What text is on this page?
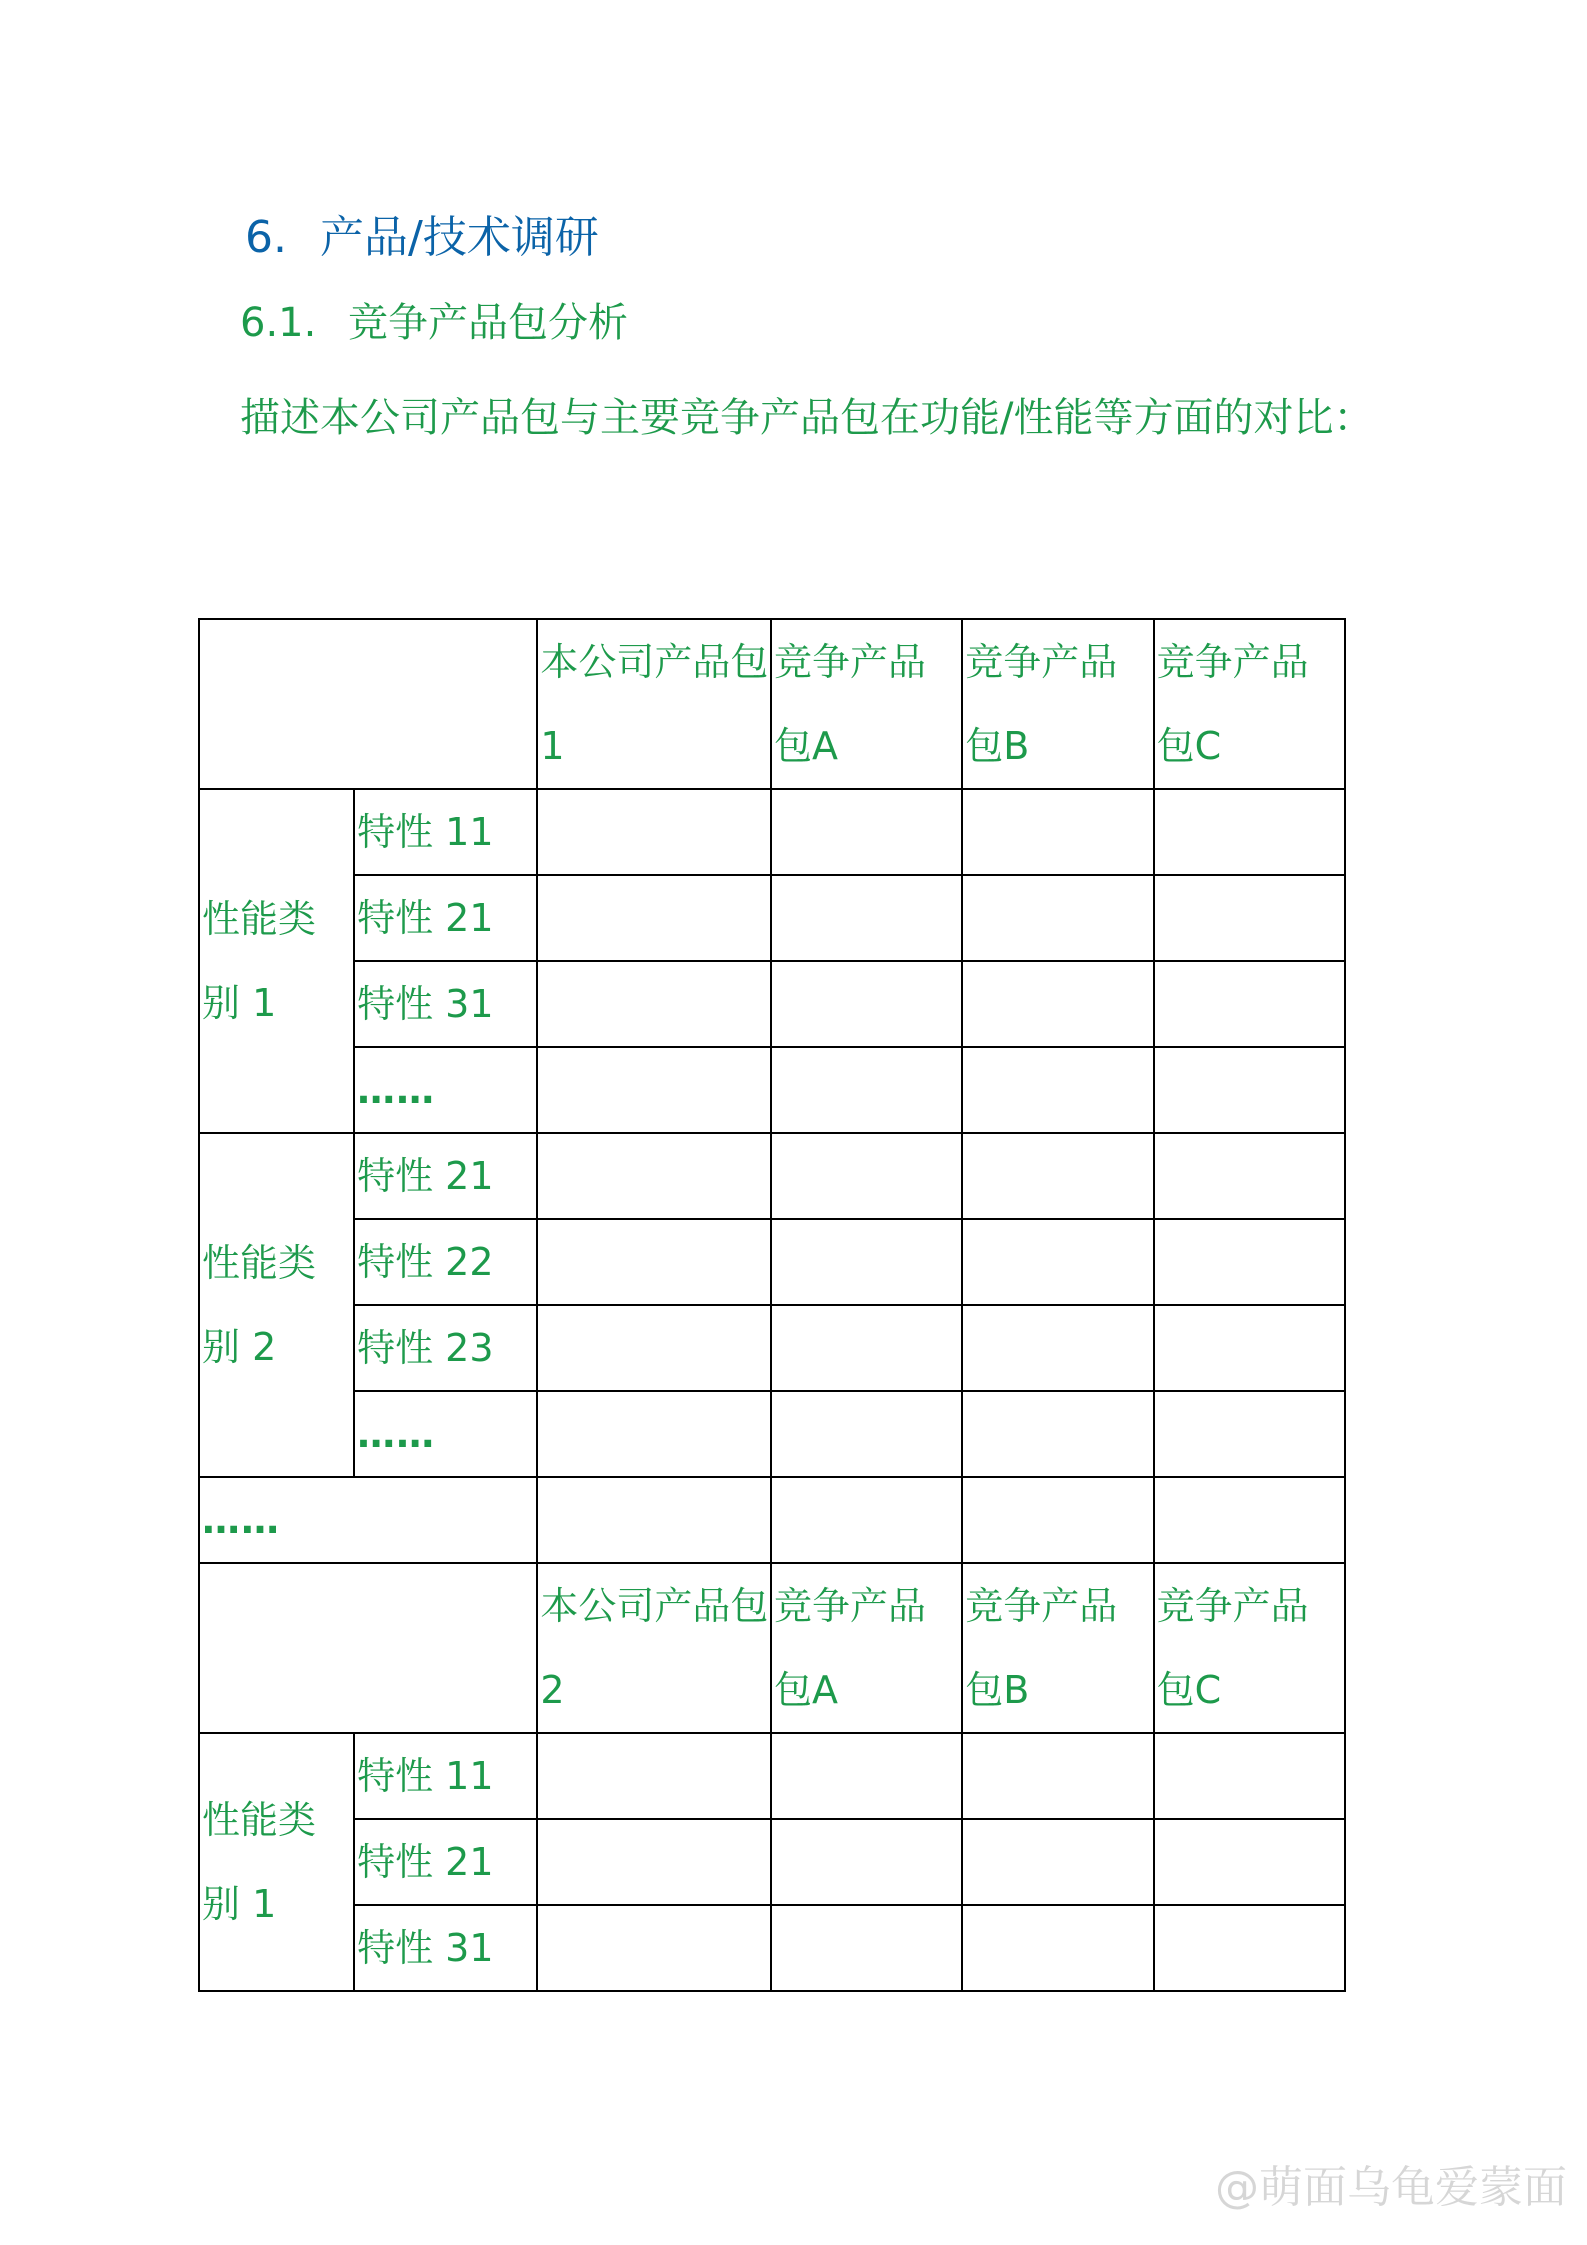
6. 产品/技术调研
6.1. 竞争产品包分析
描述本公司产品包与主要竞争产品包在功能/性能等方面的对比：
		本公司产品包1	竞争产品包A	竞争产品包B	竞争产品包C
性能类别 1	特性 11				
	特性 21				
	特性 31				
	……				
性能类别 2	特性 21				
	特性 22				
	特性 23				
	……				
……					
		本公司产品包2	竞争产品包A	竞争产品包B	竞争产品包C
性能类别 1	特性 11				
	特性 21				
	特性 31				
@萌面乌龟爱蒙面
